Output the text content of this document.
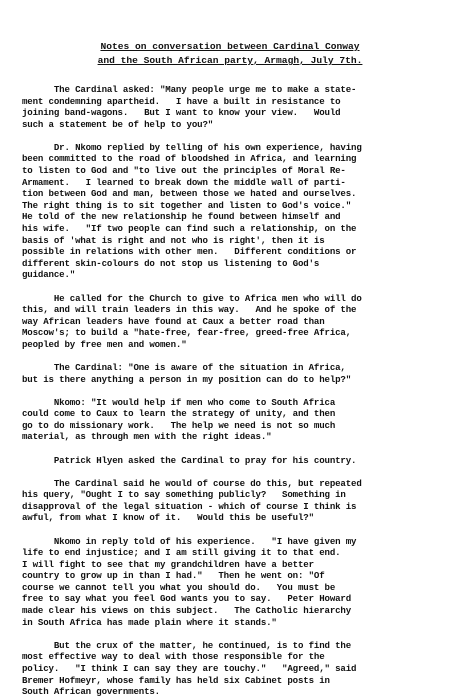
Notes on conversation between Cardinal Conway
and the South African party, Armagh, July 7th.
The Cardinal asked: "Many people urge me to make a state-
ment condemning apartheid.   I have a built in resistance to
joining band-wagons.   But I want to know your view.   Would
such a statement be of help to you?"
Dr. Nkomo replied by telling of his own experience, having
been committed to the road of bloodshed in Africa, and learning
to listen to God and "to live out the principles of Moral Re-
Armament.   I learned to break down the middle wall of parti-
tion between God and man, between those we hated and ourselves.
The right thing is to sit together and listen to God's voice."
He told of the new relationship he found between himself and
his wife.   "If two people can find such a relationship, on the
basis of 'what is right and not who is right', then it is
possible in relations with other men.   Different conditions or
different skin-colours do not stop us listening to God's
guidance."
He called for the Church to give to Africa men who will do
this, and will train leaders in this way.   And he spoke of the
way African leaders have found at Caux a better road than
Moscow's; to build a "hate-free, fear-free, greed-free Africa,
peopled by free men and women."
The Cardinal: "One is aware of the situation in Africa,
but is there anything a person in my position can do to help?"
Nkomo: "It would help if men who come to South Africa
could come to Caux to learn the strategy of unity, and then
go to do missionary work.   The help we need is not so much
material, as through men with the right ideas."
Patrick Hlyen asked the Cardinal to pray for his country.
The Cardinal said he would of course do this, but repeated
his query, "Ought I to say something publicly?   Something in
disapproval of the legal situation - which of course I think is
awful, from what I know of it.   Would this be useful?"
Nkomo in reply told of his experience.   "I have given my
life to end injustice; and I am still giving it to that end.
I will fight to see that my grandchildren have a better
country to grow up in than I had."   Then he went on: "Of
course we cannot tell you what you should do.   You must be
free to say what you feel God wants you to say.   Peter Howard
made clear his views on this subject.   The Catholic hierarchy
in South Africa has made plain where it stands."
But the crux of the matter, he continued, is to find the
most effective way to deal with those responsible for the
policy.   "I think I can say they are touchy."   "Agreed," said
Bremer Hofmeyr, whose family has held six Cabinet posts in
South African governments.
